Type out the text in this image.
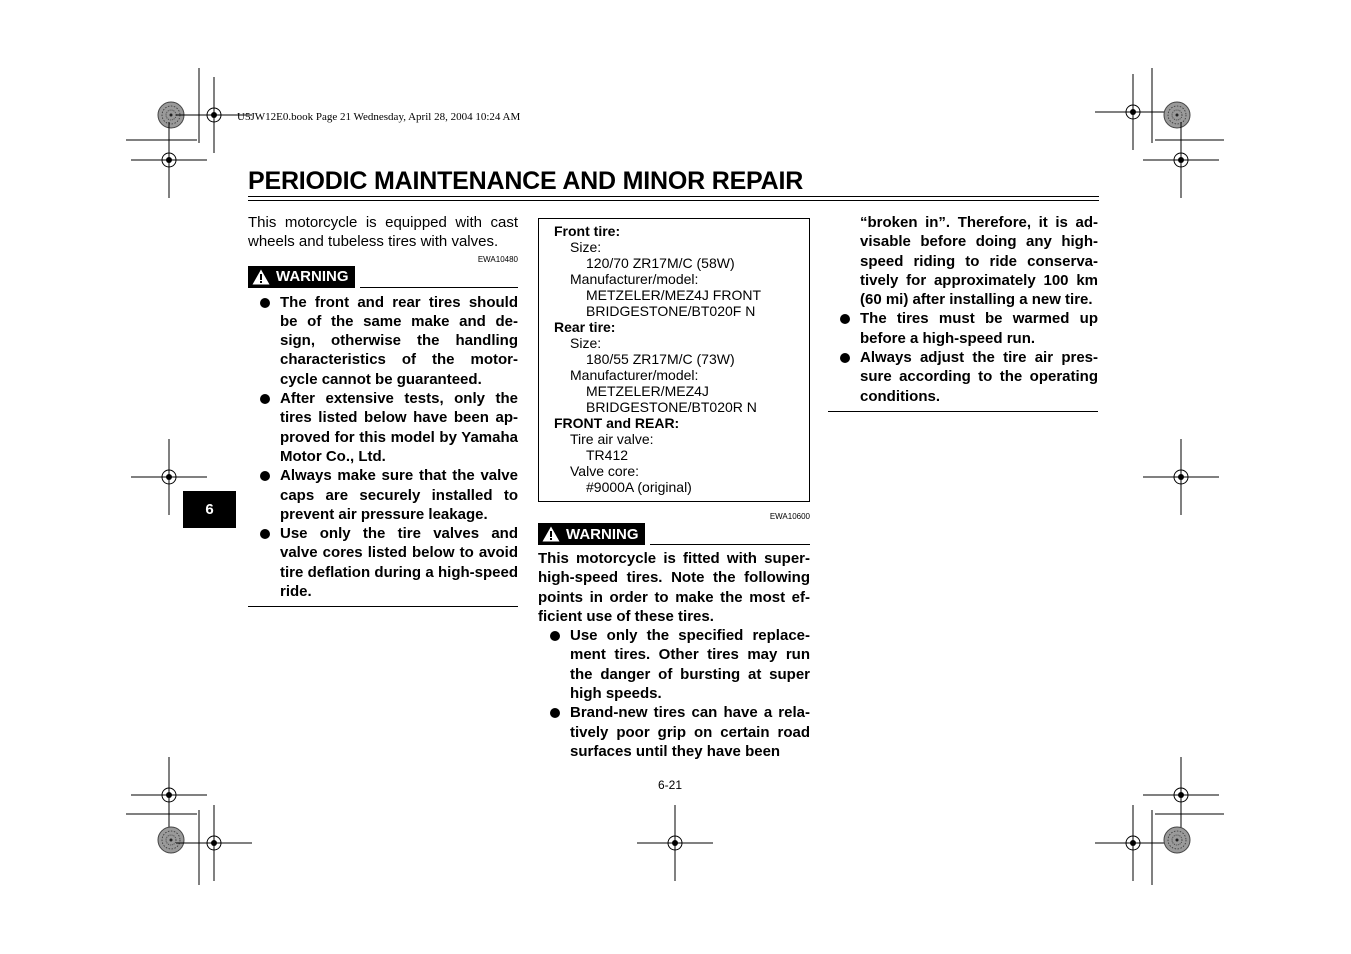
U5JW12E0.book Page 21 Wednesday, April 28, 2004 10:24 AM
PERIODIC MAINTENANCE AND MINOR REPAIR
6

This motorcycle is equipped with cast wheels and tubeless tires with valves.

EWA10480
WARNING
The front and rear tires should be of the same make and de-sign, otherwise the handling characteristics of the motor-cycle cannot be guaranteed.
After extensive tests, only the tires listed below have been ap-proved for this model by Yamaha Motor Co., Ltd.
Always make sure that the valve caps are securely installed to prevent air pressure leakage.
Use only the tire valves and valve cores listed below to avoid tire deflation during a high-speed ride.
Front tire:
Size:
120/70 ZR17M/C (58W)
Manufacturer/model:
METZELER/MEZ4J FRONT
BRIDGESTONE/BT020F N
Rear tire:
Size:
180/55 ZR17M/C (73W)
Manufacturer/model:
METZELER/MEZ4J
BRIDGESTONE/BT020R N
FRONT and REAR:
Tire air valve:
TR412
Valve core:
#9000A (original)
EWA10600
WARNING

This motorcycle is fitted with super-high-speed tires. Note the following points in order to make the most ef-ficient use of these tires.

Use only the specified replace-ment tires. Other tires may run the danger of bursting at super high speeds.
Brand-new tires can have a rela-tively poor grip on certain road surfaces until they have been
“broken in”. Therefore, it is ad-visable before doing any high-speed riding to ride conserva-tively for approximately 100 km (60 mi) after installing a new tire.
The tires must be warmed up before a high-speed run.
Always adjust the tire air pres-sure according to the operating conditions.
6-21
